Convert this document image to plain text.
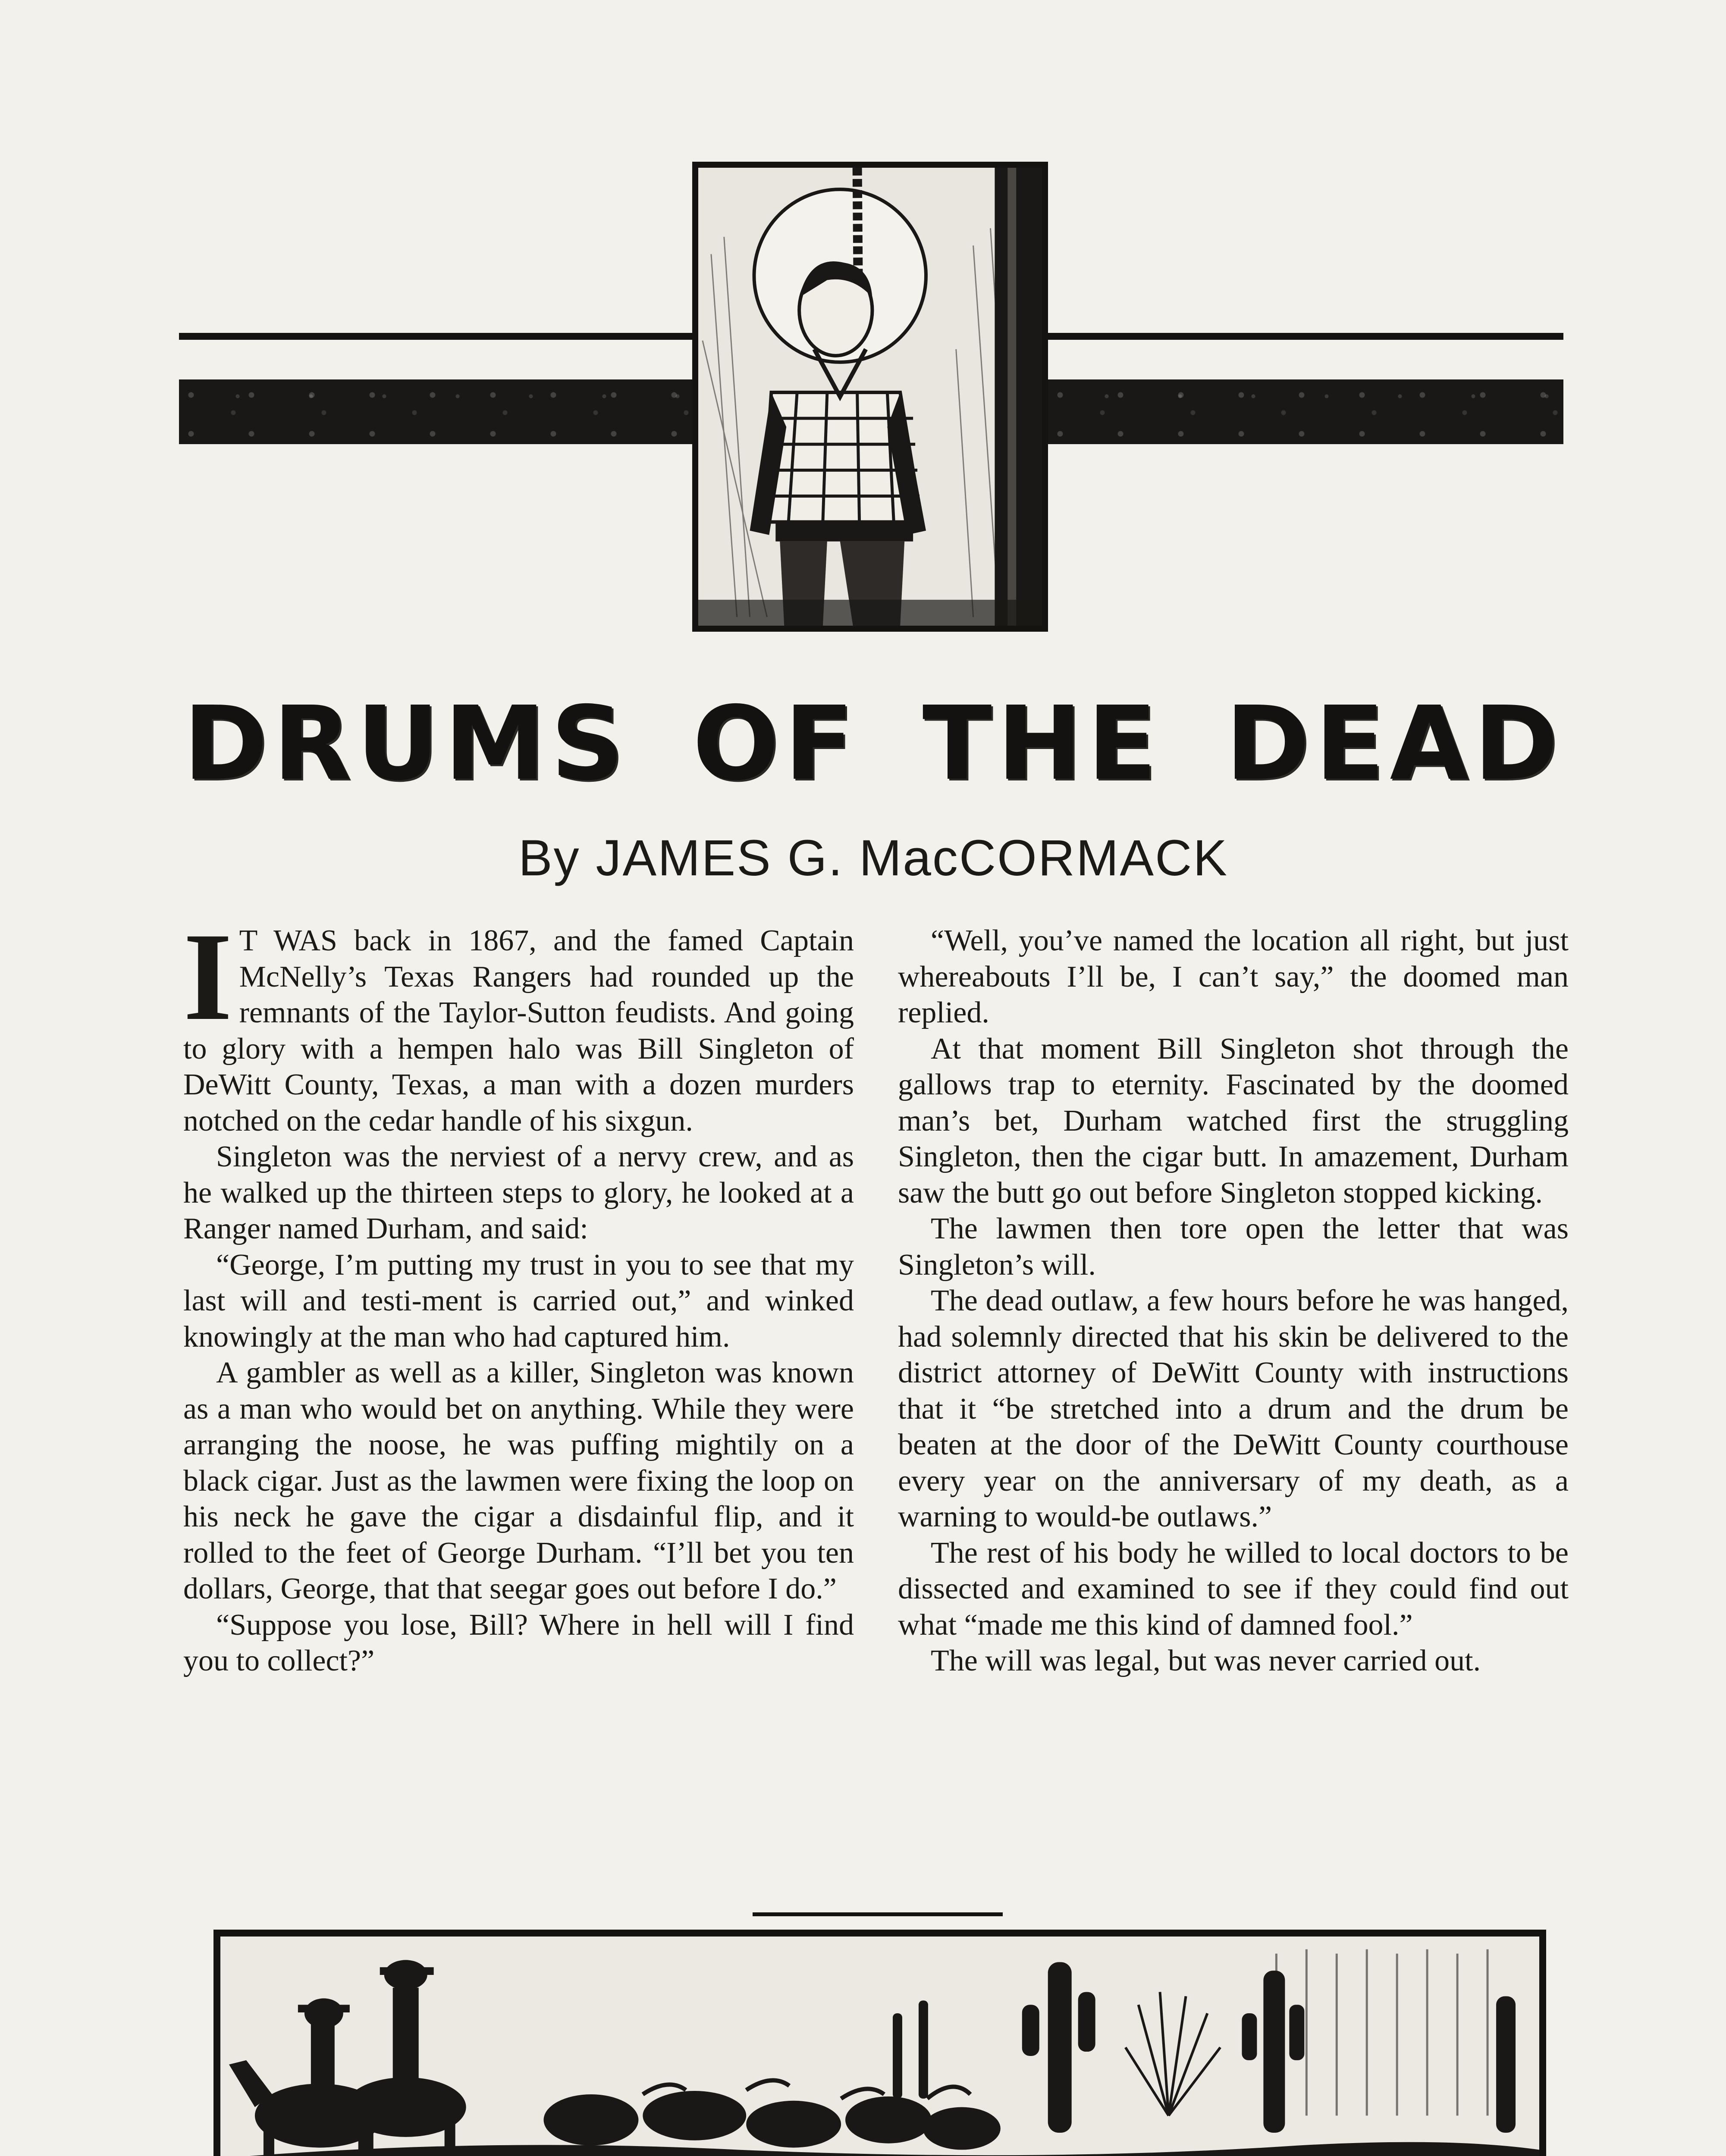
DRUMS OF THE DEAD
By JAMES G. MacCORMACK

I T WAS back in 1867, and the famed Captain McNelly’s Texas Rangers had rounded up the remnants of the Taylor-Sutton feudists. And going to glory with a hempen halo was Bill Singleton of DeWitt County, Texas, a man with a dozen murders notched on the cedar handle of his sixgun.

Singleton was the nerviest of a nervy crew, and as he walked up the thirteen steps to glory, he looked at a Ranger named Durham, and said:

“George, I’m putting my trust in you to see that my last will and testi-ment is carried out,” and winked knowingly at the man who had captured him.

A gambler as well as a killer, Singleton was known as a man who would bet on anything. While they were arranging the noose, he was puffing mightily on a black cigar. Just as the lawmen were fixing the loop on his neck he gave the cigar a disdainful flip, and it rolled to the feet of George Durham. “I’ll bet you ten dollars, George, that that seegar goes out before I do.”

“Suppose you lose, Bill? Where in hell will I find you to collect?”

“Well, you’ve named the location all right, but just whereabouts I’ll be, I can’t say,” the doomed man replied.

At that moment Bill Singleton shot through the gallows trap to eternity. Fascinated by the doomed man’s bet, Durham watched first the struggling Singleton, then the cigar butt. In amazement, Durham saw the butt go out before Singleton stopped kicking.

The lawmen then tore open the letter that was Singleton’s will.

The dead outlaw, a few hours before he was hanged, had solemnly directed that his skin be delivered to the district attorney of DeWitt County with instructions that it “be stretched into a drum and the drum be beaten at the door of the DeWitt County courthouse every year on the anniversary of my death, as a warning to would-be outlaws.”

The rest of his body he willed to local doctors to be dissected and examined to see if they could find out what “made me this kind of damned fool.”

The will was legal, but was never carried out.
